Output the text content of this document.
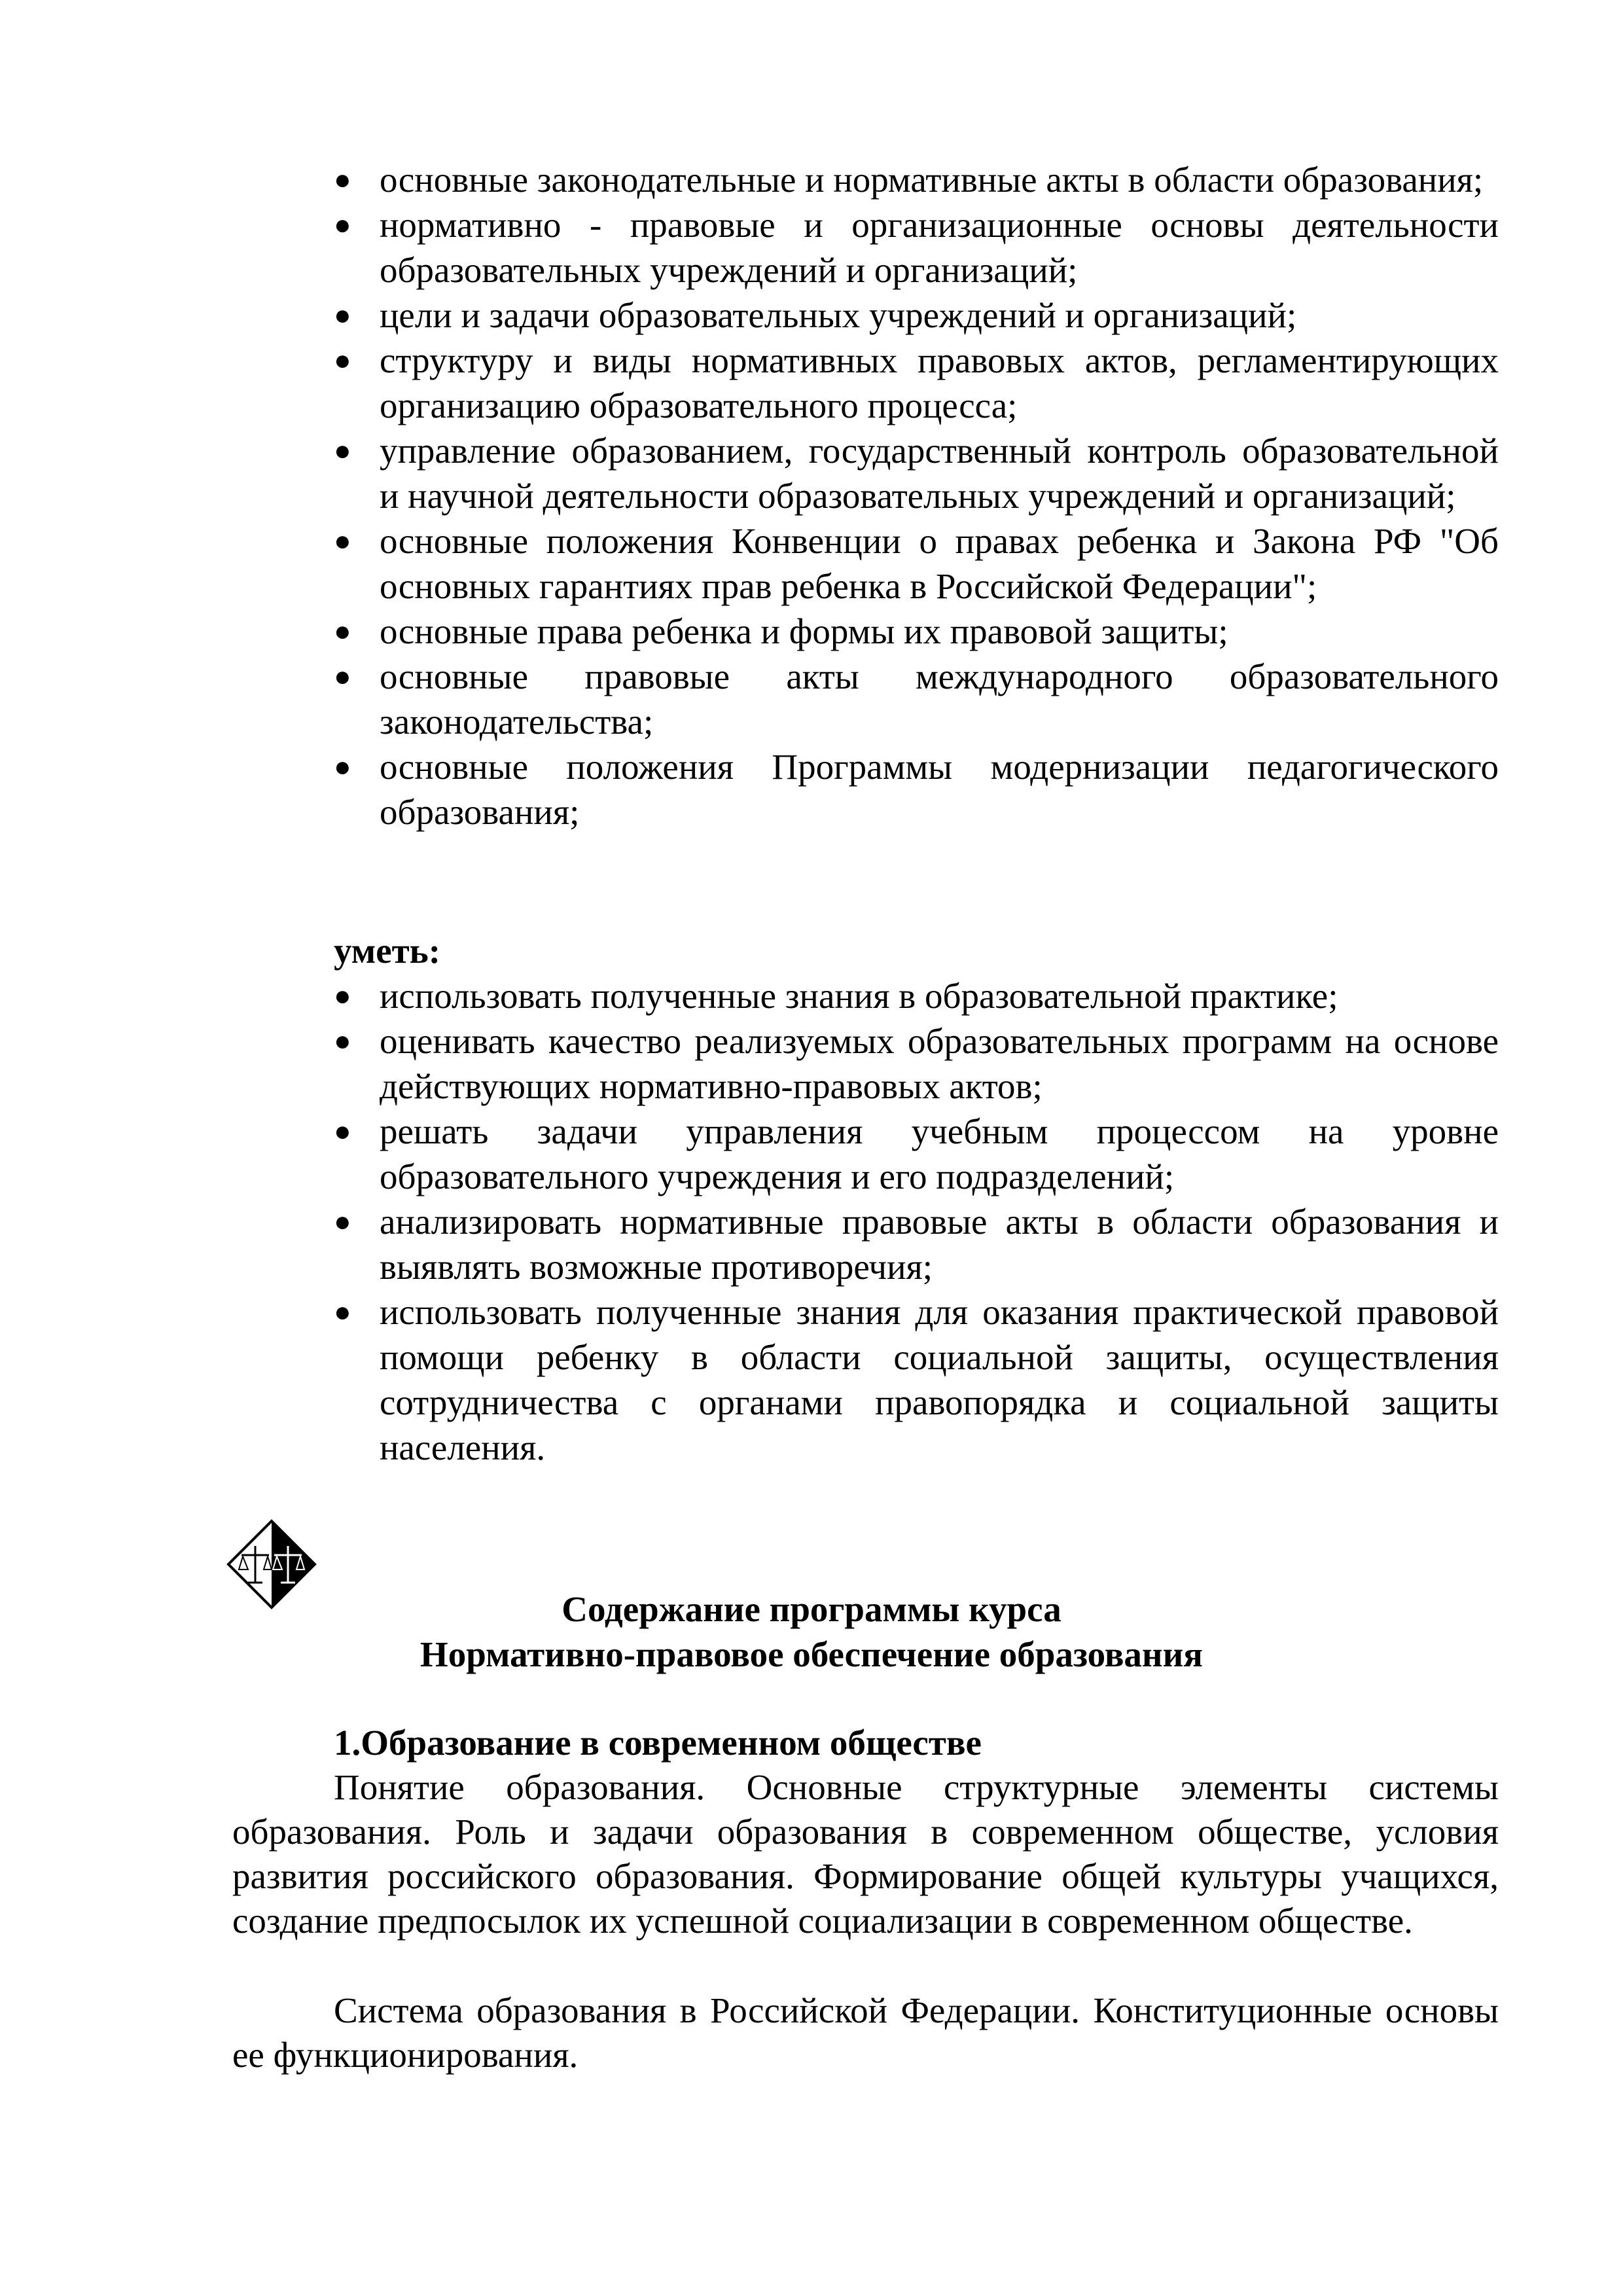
● основные законодательные и нормативные акты в области образования;
● нормативно - правовые и организационные основы деятельности образовательных учреждений и организаций;
● цели и задачи образовательных учреждений и организаций;
● структуру и виды нормативных правовых актов, регламентирующих организацию образовательного процесса;
● управление образованием, государственный контроль образовательной и научной деятельности образовательных учреждений и организаций;
● основные положения Конвенции о правах ребенка и Закона РФ "Об основных гарантиях прав ребенка в Российской Федерации";
● основные права ребенка и формы их правовой защиты;
● основные правовые акты международного образовательного законодательства;
● основные положения Программы модернизации педагогического образования;
уметь:
● использовать полученные знания в образовательной практике;
● оценивать качество реализуемых образовательных программ на основе действующих нормативно-правовых актов;
● решать задачи управления учебным процессом на уровне образовательного учреждения и его подразделений;
● анализировать нормативные правовые акты в области образования и выявлять возможные противоречия;
● использовать полученные знания для оказания практической правовой помощи ребенку в области социальной защиты, осуществления сотрудничества с органами правопорядка и социальной защиты населения.
Содержание программы курса
Нормативно-правовое обеспечение образования
1.Образование в современном обществе

Понятие образования. Основные структурные элементы системы образования. Роль и задачи образования в современном обществе, условия развития российского образования. Формирование общей культуры учащихся, создание предпосылок их успешной социализации в современном обществе.

Система образования в Российской Федерации. Конституционные основы ее функционирования.
